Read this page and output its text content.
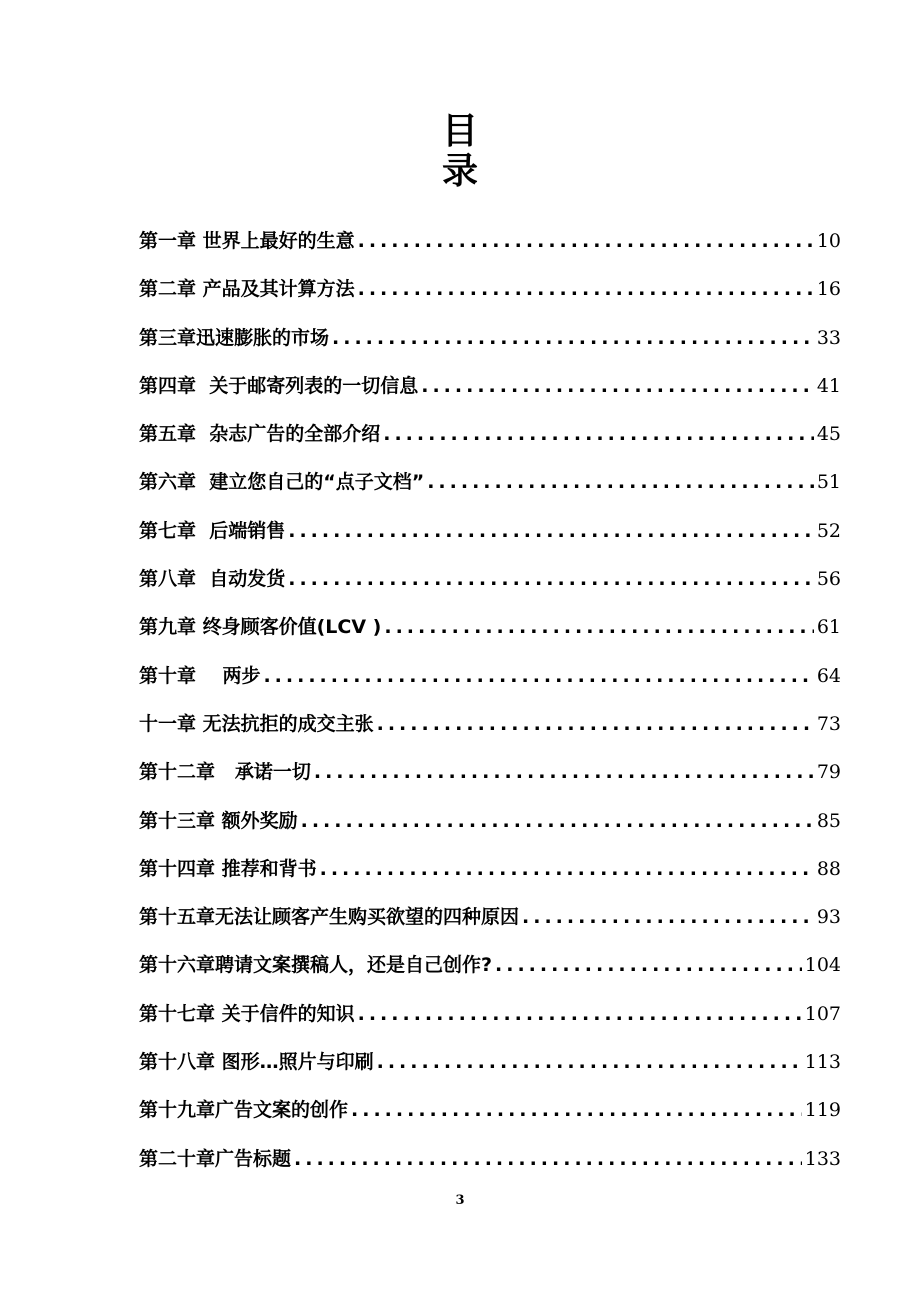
目
录
第一章 世界上最好的生意 .....	10
第二章 产品及其计算方法 .....	16
第三章迅速膨胀的市场 .....	33
第四章  关于邮寄列表的一切信息 .....	41
第五章  杂志广告的全部介绍 .....	45
第六章  建立您自己的“点子文档” .....	51
第七章  后端销售 .....	52
第八章  自动发货 .....	56
第九章 终身顾客价值(LCV ) .....	61
第十章    两步 .....	64
十一章 无法抗拒的成交主张 .....	73
第十二章   承诺一切 .....	79
第十三章 额外奖励 .....	85
第十四章 推荐和背书 .....	88
第十五章无法让顾客产生购买欲望的四种原因 .....	93
第十六章聘请文案撰稿人，还是自己创作? .....	104
第十七章 关于信件的知识 .....	107
第十八章 图形…照片与印刷 .....	113
第十九章广告文案的创作 .....	119
第二十章广告标题 .....	133
3
